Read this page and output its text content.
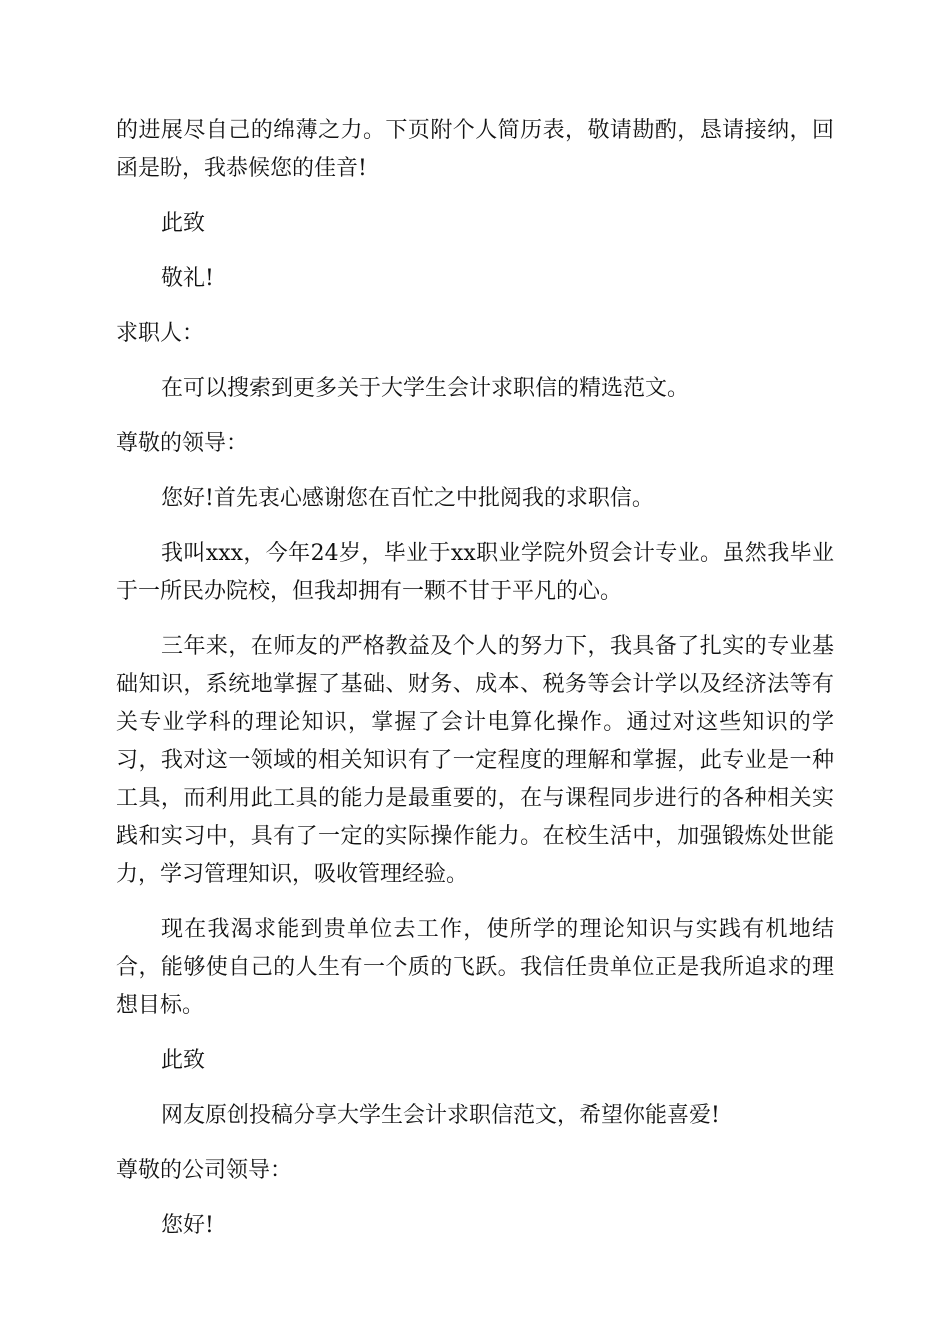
的进展尽自己的绵薄之力。下页附个人简历表，敬请勘酌，恳请接纳，回函是盼，我恭候您的佳音!

此致

敬礼!

求职人：

在可以搜索到更多关于大学生会计求职信的精选范文。

尊敬的领导：

您好!首先衷心感谢您在百忙之中批阅我的求职信。

我叫xxx，今年24岁，毕业于xx职业学院外贸会计专业。虽然我毕业于一所民办院校，但我却拥有一颗不甘于平凡的心。

三年来，在师友的严格教益及个人的努力下，我具备了扎实的专业基础知识，系统地掌握了基础、财务、成本、税务等会计学以及经济法等有关专业学科的理论知识，掌握了会计电算化操作。通过对这些知识的学习，我对这一领域的相关知识有了一定程度的理解和掌握，此专业是一种工具，而利用此工具的能力是最重要的，在与课程同步进行的各种相关实践和实习中，具有了一定的实际操作能力。在校生活中，加强锻炼处世能力，学习管理知识，吸收管理经验。

现在我渴求能到贵单位去工作，使所学的理论知识与实践有机地结合，能够使自己的人生有一个质的飞跃。我信任贵单位正是我所追求的理想目标。

此致

网友原创投稿分享大学生会计求职信范文，希望你能喜爱!

尊敬的公司领导：

您好!
